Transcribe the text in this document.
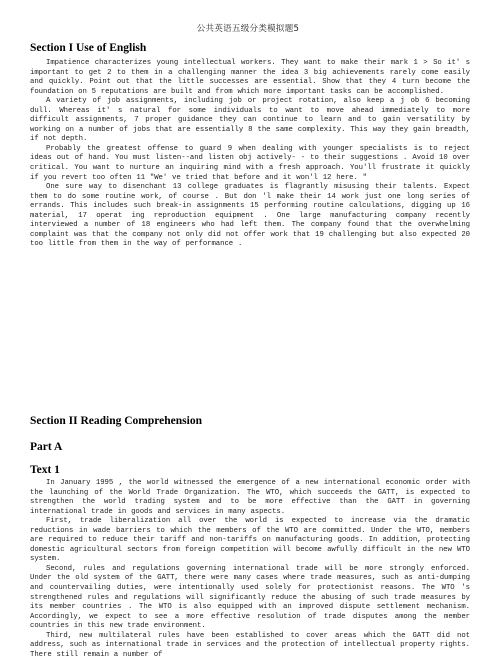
公共英语五级分类模拟题5
Section I Use of English

Impatience characterizes young intellectual workers. They want to make their mark 1 > So it' s important to get 2 to them in a challenging manner the idea 3 big achievements rarely come easily and quickly. Point out that the little successes are essential. Show that they 4 turn become the foundation on 5 reputations are built and from which more important tasks can be accomplished.

A variety of job assignments, including job or project rotation, also keep a j ob 6 becoming dull. Whereas it' s natural for some individuals to want to move ahead immediately to more difficult assignments, 7 proper guidance they can continue to learn and to gain versatility by working on a number of jobs that are essentially 8 the same complexity. This way they gain breadth, if not depth.

Probably the greatest offense to guard 9 when dealing with younger specialists is to reject ideas out of hand. You must listen--and listen obj actively- - to their suggestions . Avoid 10 over critical. You want to nurture an inquiring mind with a fresh approach. You'll frustrate it quickly if you revert too often 11 "We' ve tried that before and it won'l 12 here. "

One sure way to disenchant 13 college graduates is flagrantly misusing their talents. Expect them to do some routine work, of course . But don 'l make their 14 work just one long series of errands. This includes such break-in assignments 15 performing routine calculations, digging up 16 material, 17 operat ing reproduction equipment . One large manufacturing company recently interviewed a number of 18 engineers who had left them. The company found that the overwhelming complaint was that the company not only did not offer work that 19 challenging but also expected 20 too little from them in the way of performance .

Section II Reading Comprehension
Part A
Text 1

In January 1995 , the world witnessed the emergence of a new international economic order with the launching of the World Trade Organization. The WTO, which succeeds the GATT, is expected to strengthen the world trading system and to be more effective than the GATT in governing international trade in goods and services in many aspects.

First, trade liberalization all over the world is expected to increase via the dramatic reductions in wade barriers to which the members of the WTO are committed. Under the WTO, members are required to reduce their tariff and non-tariffs on manufacturing goods. In addition, protecting domestic agricultural sectors from foreign competition will become awfully difficult in the new WTO system.

Second, rules and regulations governing international trade will be more strongly enforced. Under the old system of the GATT, there were many cases where trade measures, such as anti-dumping and countervailing duties, were intentionally used solely for protectionist reasons. The WTO 's strengthened rules and regulations will significantly reduce the abusing of such trade measures by its member countries . The WTO is also equipped with an improved dispute settlement mechanism. Accordingly, we expect to see a more effective resolution of trade disputes among the member countries in this new trade environment.

Third, new multilateral rules have been established to cover areas which the GATT did not address, such as international trade in services and the protection of intellectual property rights. There still remain a number of
